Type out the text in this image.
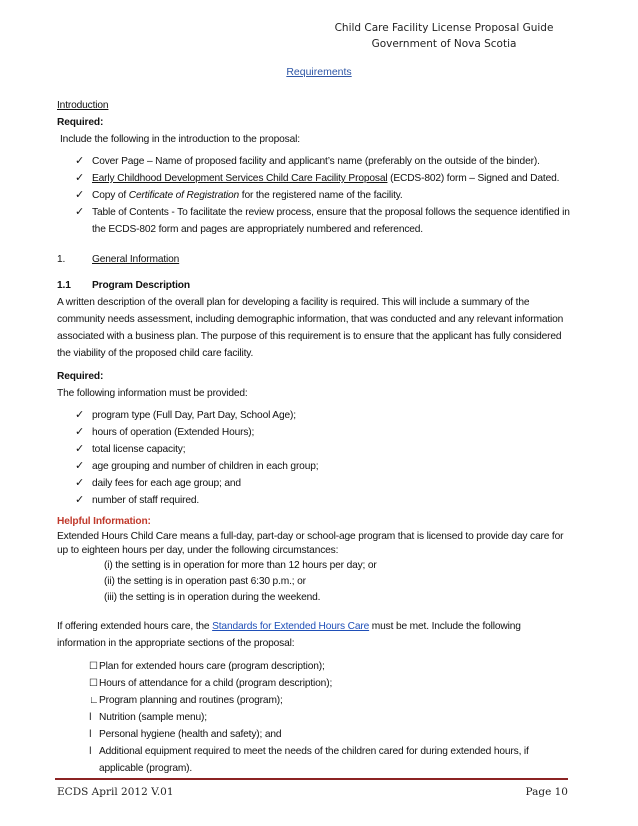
Child Care Facility License Proposal Guide
Government of Nova Scotia
Requirements
Introduction
Required:
Include the following in the introduction to the proposal:
✓ Cover Page – Name of proposed facility and applicant’s name (preferably on the outside of the binder).
✓ Early Childhood Development Services Child Care Facility Proposal (ECDS-802) form – Signed and Dated.
✓ Copy of Certificate of Registration for the registered name of the facility.
✓ Table of Contents - To facilitate the review process, ensure that the proposal follows the sequence identified in the ECDS-802 form and pages are appropriately numbered and referenced.
1.	General Information
1.1	Program Description
A written description of the overall plan for developing a facility is required. This will include a summary of the community needs assessment, including demographic information, that was conducted and any relevant information associated with a business plan. The purpose of this requirement is to ensure that the applicant has fully considered the viability of the proposed child care facility.
Required:
The following information must be provided:
✓ program type (Full Day, Part Day, School Age);
✓ hours of operation (Extended Hours);
✓ total license capacity;
✓ age grouping and number of children in each group;
✓ daily fees for each age group; and
✓ number of staff required.
Helpful Information:
Extended Hours Child Care means a full-day, part-day or school-age program that is licensed to provide day care for up to eighteen hours per day, under the following circumstances:
(i) the setting is in operation for more than 12 hours per day; or
(ii) the setting is in operation past 6:30 p.m.; or
(iii) the setting is in operation during the weekend.
If offering extended hours care, the Standards for Extended Hours Care must be met. Include the following information in the appropriate sections of the proposal:
☐ Plan for extended hours care (program description);
☐ Hours of attendance for a child (program description);
∟ Program planning and routines (program);
ǀ Nutrition (sample menu);
ǀ Personal hygiene (health and safety); and
ǀ Additional equipment required to meet the needs of the children cared for during extended hours, if applicable (program).
ECDS April 2012 V.01	Page 10
